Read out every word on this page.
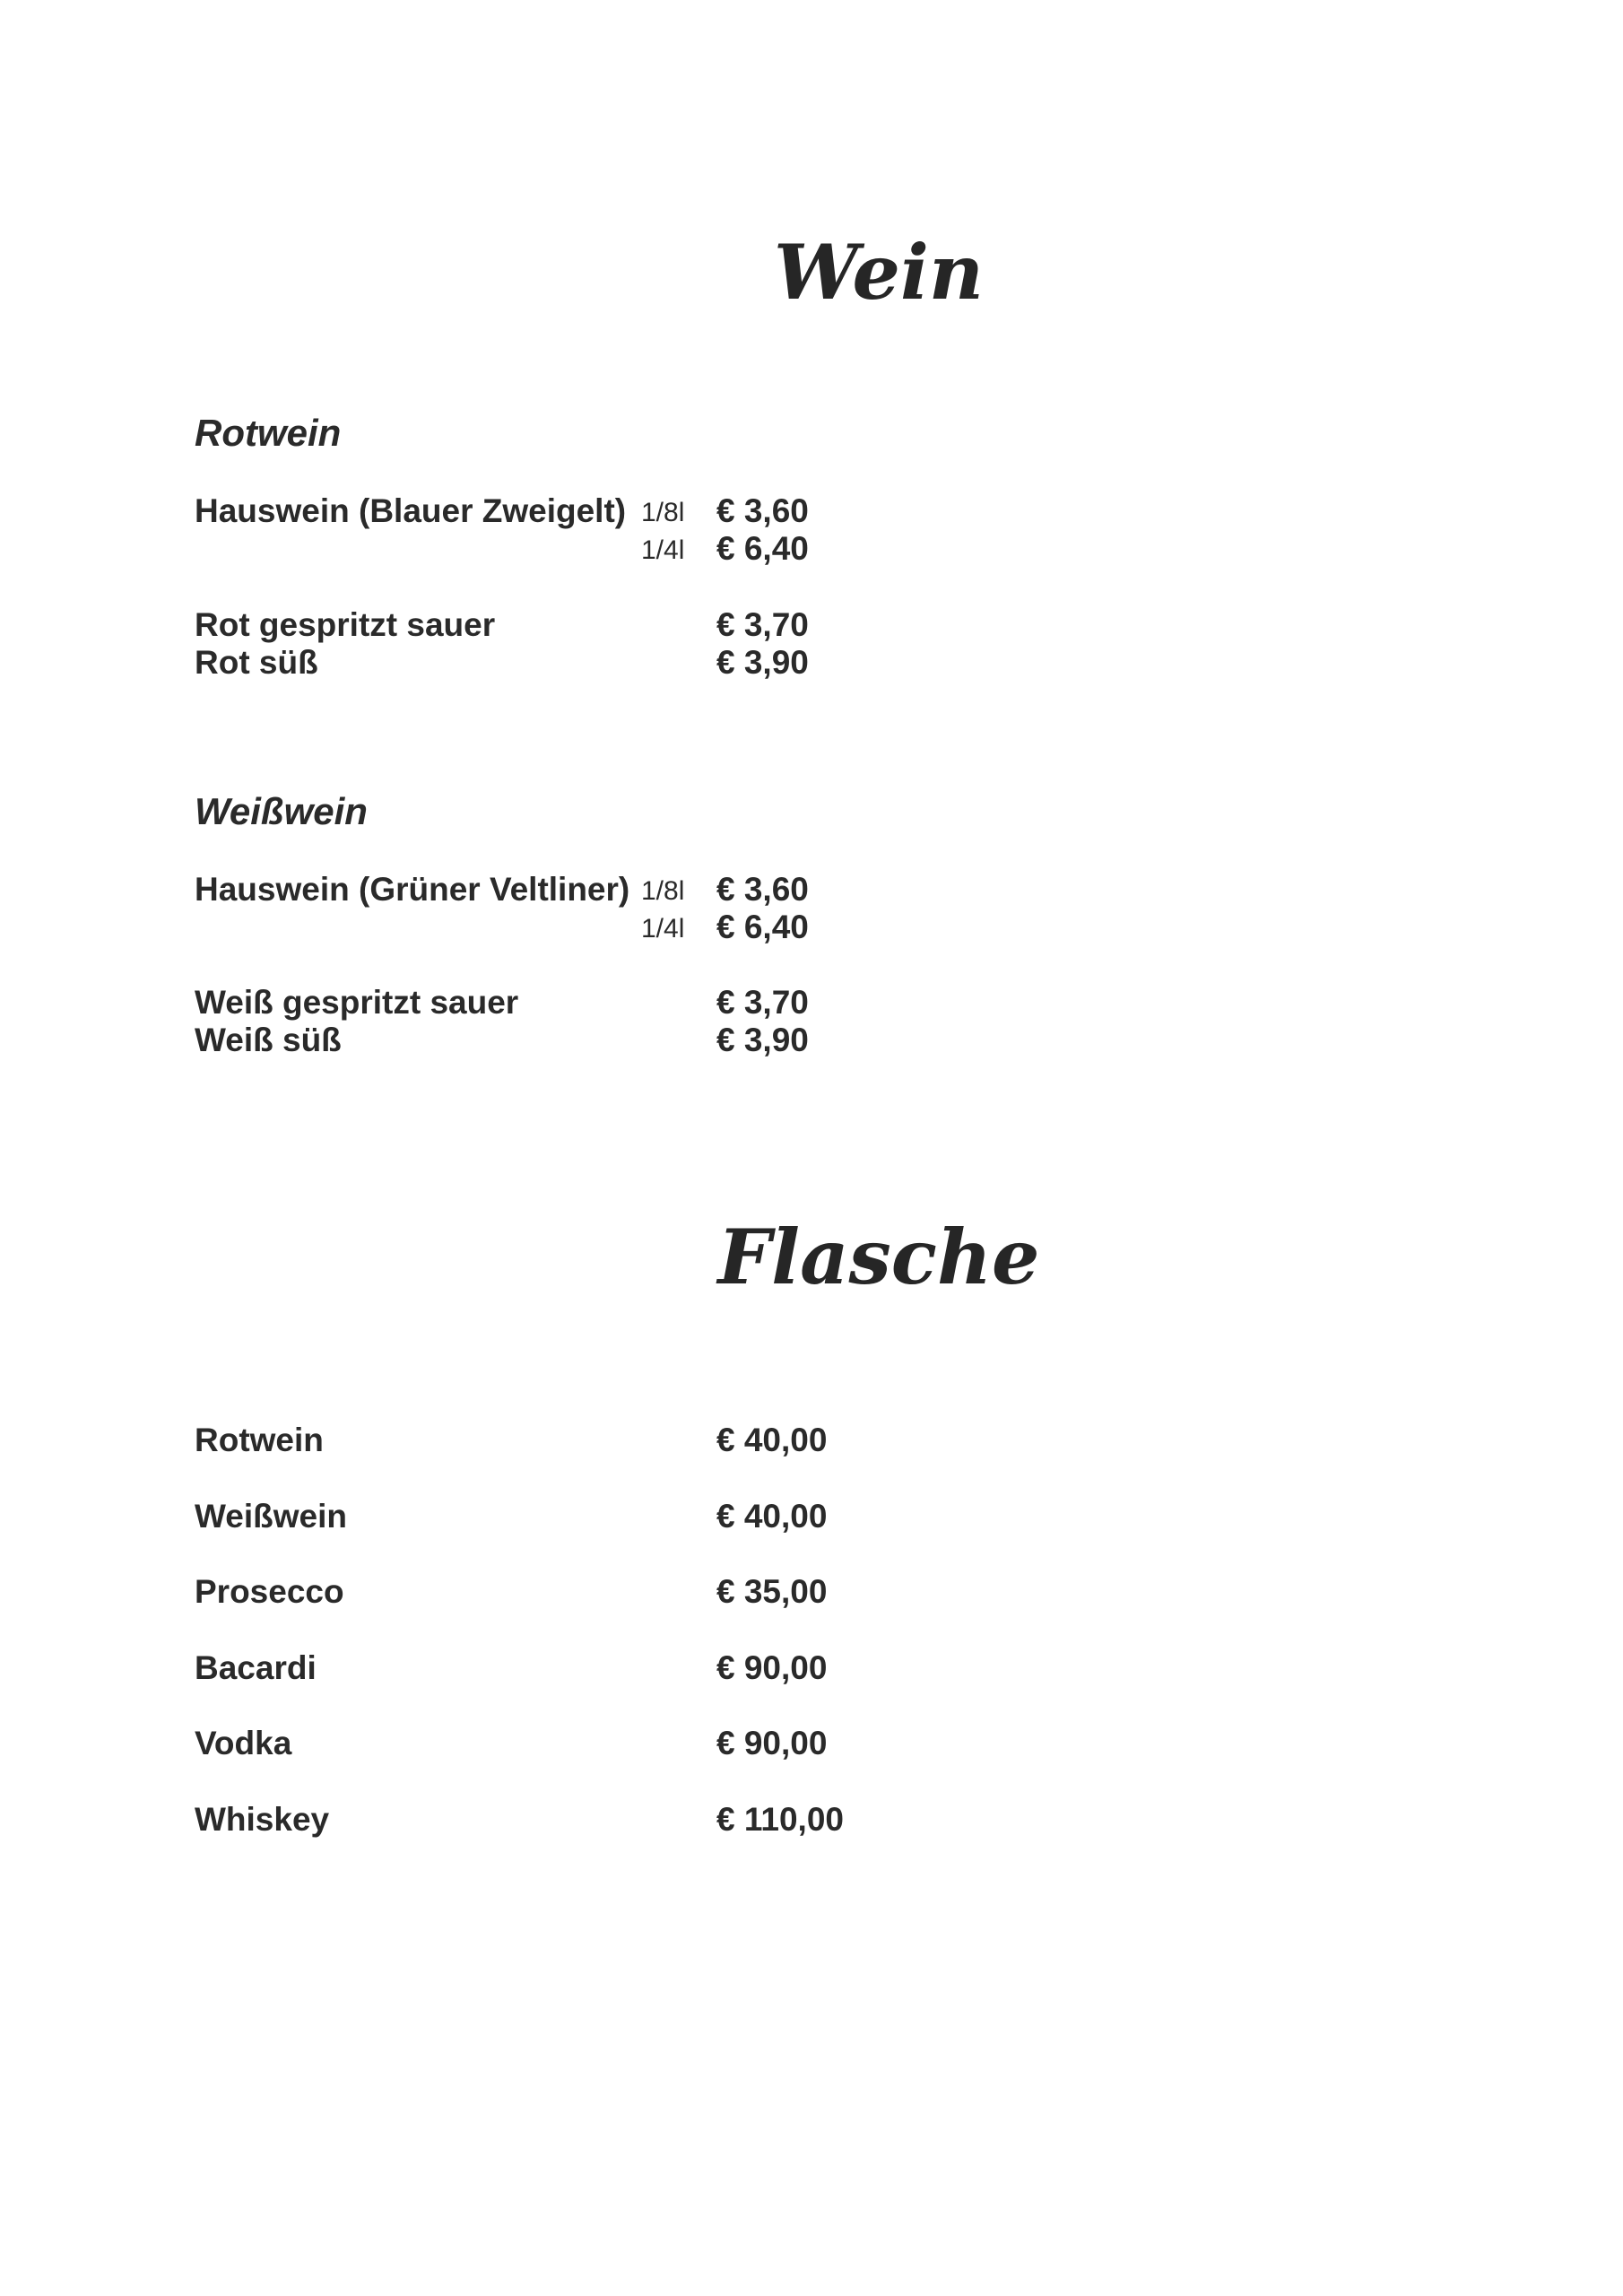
Wein
Rotwein
Hauswein (Blauer Zweigelt) 1/8l € 3,60
1/4l € 6,40
Rot gespritzt sauer	€ 3,70
Rot süß	€ 3,90
Weißwein
Hauswein (Grüner Veltliner) 1/8l € 3,60
1/4l € 6,40
Weiß gespritzt sauer	€ 3,70
Weiß süß	€ 3,90
Flasche
Rotwein	€ 40,00
Weißwein	€ 40,00
Prosecco	€ 35,00
Bacardi	€ 90,00
Vodka	€ 90,00
Whiskey	€ 110,00
